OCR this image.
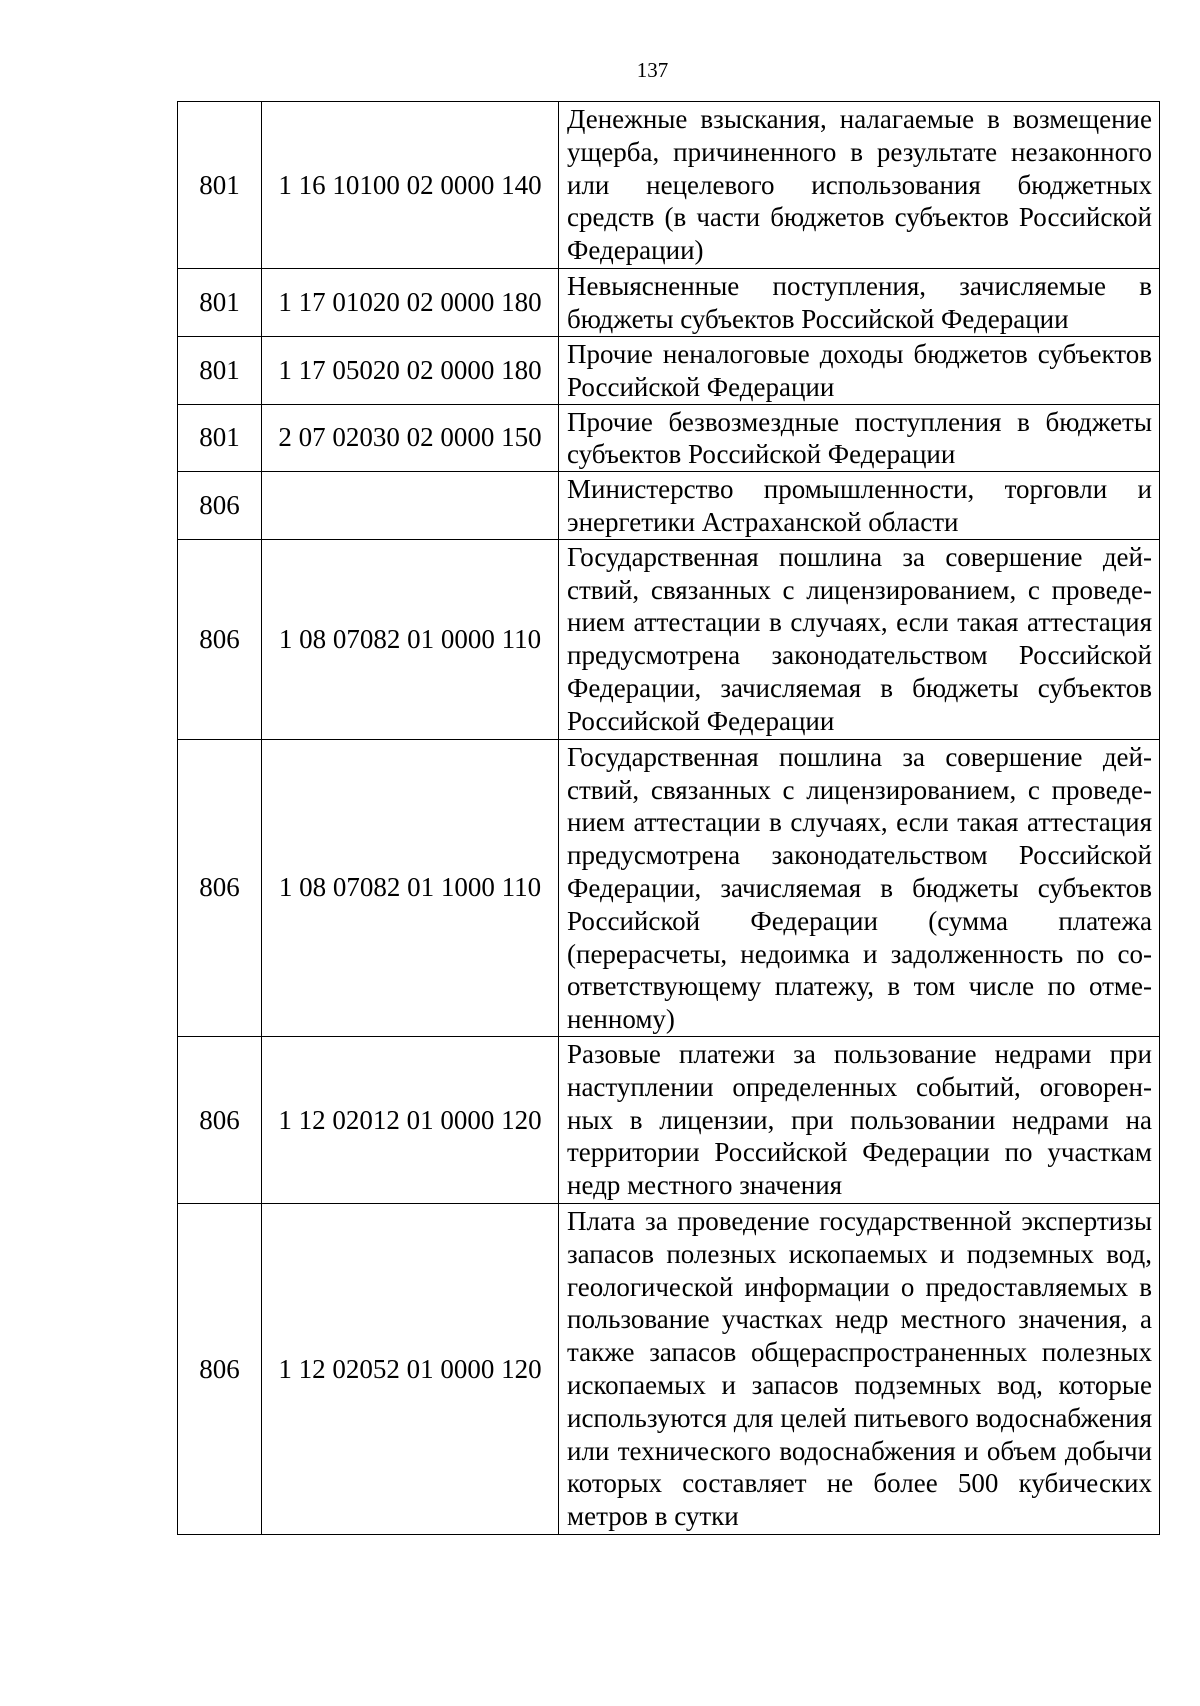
137
801	1 16 10100 02 0000 140	Денежные взыскания, налагаемые в возмещение ущерба, причиненного в результате незаконного или нецелевого использования бюджетных средств (в части бюджетов субъектов Российской Федерации)
801	1 17 01020 02 0000 180	Невыясненные поступления, зачисляемые в бюджеты субъектов Российской Федерации
801	1 17 05020 02 0000 180	Прочие неналоговые доходы бюджетов субъектов Российской Федерации
801	2 07 02030 02 0000 150	Прочие безвозмездные поступления в бюджеты субъектов Российской Федерации
806		Министерство промышленности, торговли и энергетики Астраханской области
806	1 08 07082 01 0000 110	Государственная пошлина за совершение действий, связанных с лицензированием, с проведением аттестации в случаях, если такая аттестация предусмотрена законодательством Российской Федерации, зачисляемая в бюджеты субъектов Российской Федерации
806	1 08 07082 01 1000 110	Государственная пошлина за совершение действий, связанных с лицензированием, с проведением аттестации в случаях, если такая аттестация предусмотрена законодательством Российской Федерации, зачисляемая в бюджеты субъектов Российской Федерации (сумма платежа (перерасчеты, недоимка и задолженность по соответствующему платежу, в том числе по отмененному)
806	1 12 02012 01 0000 120	Разовые платежи за пользование недрами при наступлении определенных событий, оговоренных в лицензии, при пользовании недрами на территории Российской Федерации по участкам недр местного значения
806	1 12 02052 01 0000 120	Плата за проведение государственной экспертизы запасов полезных ископаемых и подземных вод, геологической информации о предоставляемых в пользование участках недр местного значения, а также запасов общераспространенных полезных ископаемых и запасов подземных вод, которые используются для целей питьевого водоснабжения или технического водоснабжения и объем добычи которых составляет не более 500 кубических метров в сутки
